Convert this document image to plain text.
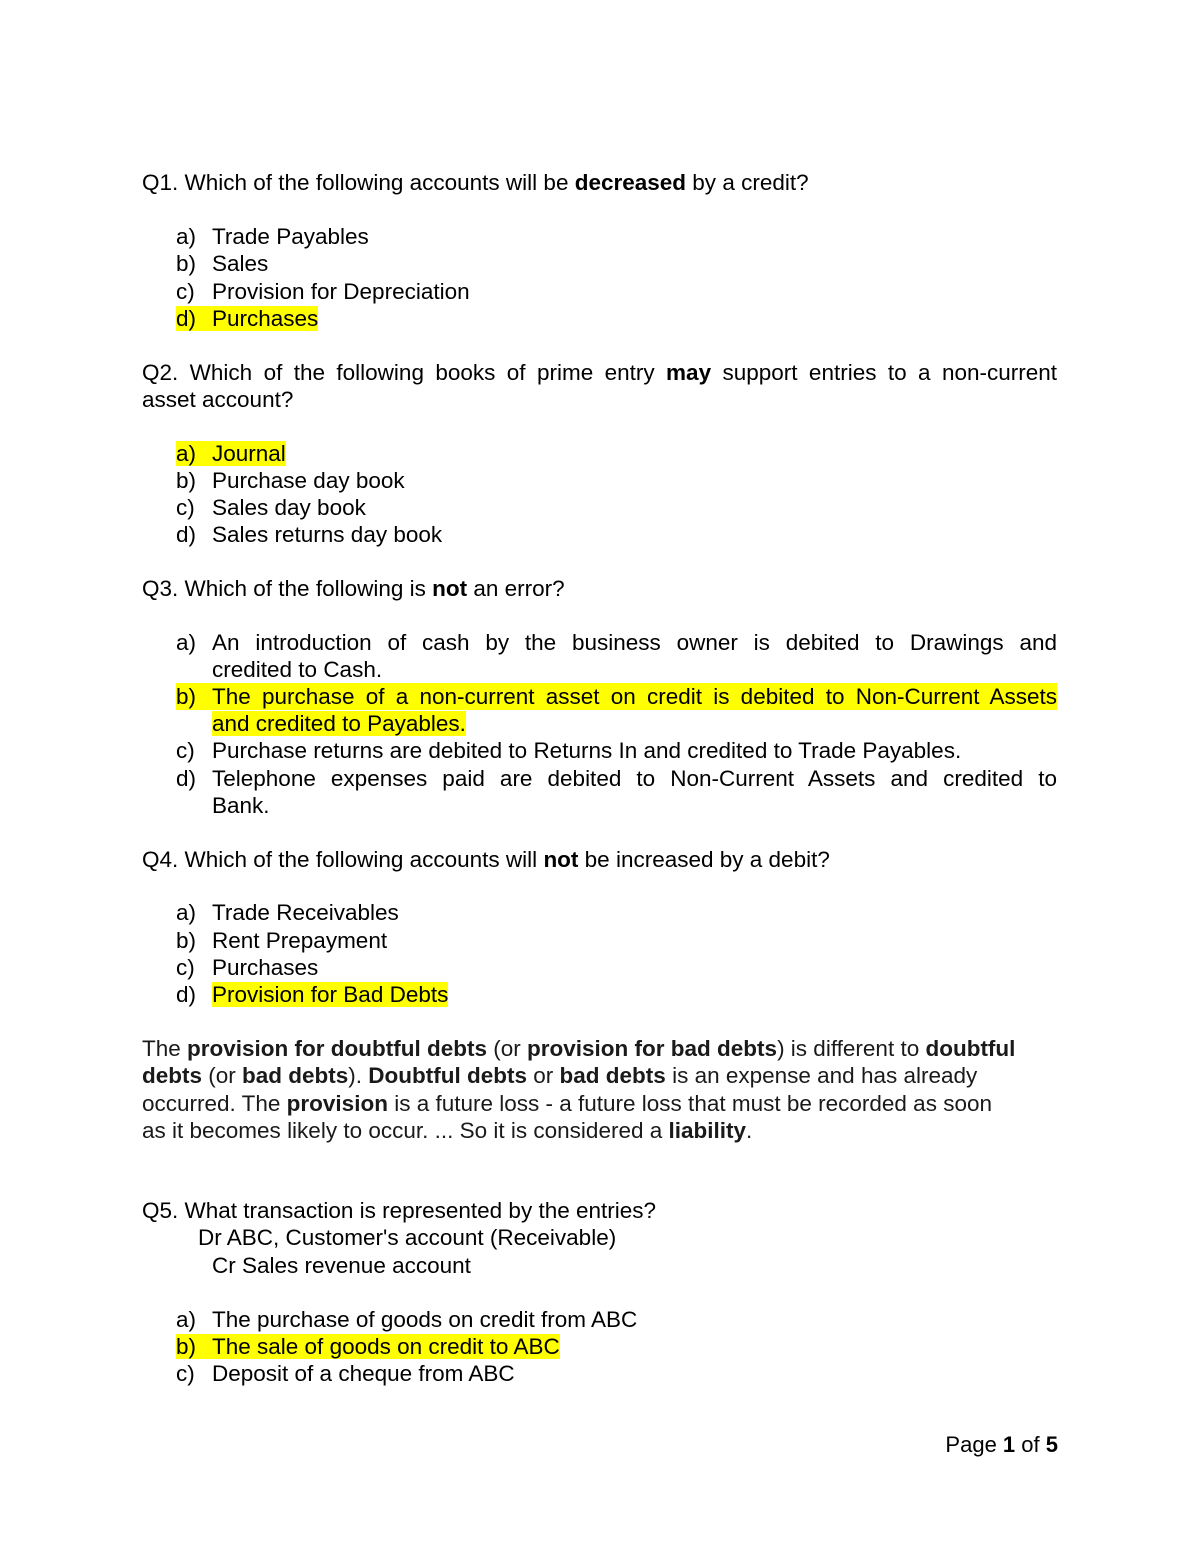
Q1. Which of the following accounts will be decreased by a credit?
a) Trade Payables
b) Sales
c) Provision for Depreciation
d) Purchases
Q2. Which of the following books of prime entry may support entries to a non-current
asset account?
a) Journal
b) Purchase day book
c) Sales day book
d) Sales returns day book
Q3. Which of the following is not an error?
a) An introduction of cash by the business owner is debited to Drawings and
credited to Cash.
b) The purchase of a non-current asset on credit is debited to Non-Current Assets
and credited to Payables.
c) Purchase returns are debited to Returns In and credited to Trade Payables.
d) Telephone expenses paid are debited to Non-Current Assets and credited to
Bank.
Q4. Which of the following accounts will not be increased by a debit?
a) Trade Receivables
b) Rent Prepayment
c) Purchases
d) Provision for Bad Debts
The provision for doubtful debts (or provision for bad debts) is different to doubtful
debts (or bad debts). Doubtful debts or bad debts is an expense and has already
occurred. The provision is a future loss - a future loss that must be recorded as soon
as it becomes likely to occur. ... So it is considered a liability.
Q5. What transaction is represented by the entries?
Dr ABC, Customer's account (Receivable)
Cr Sales revenue account
a) The purchase of goods on credit from ABC
b) The sale of goods on credit to ABC
c) Deposit of a cheque from ABC
Page 1 of 5
